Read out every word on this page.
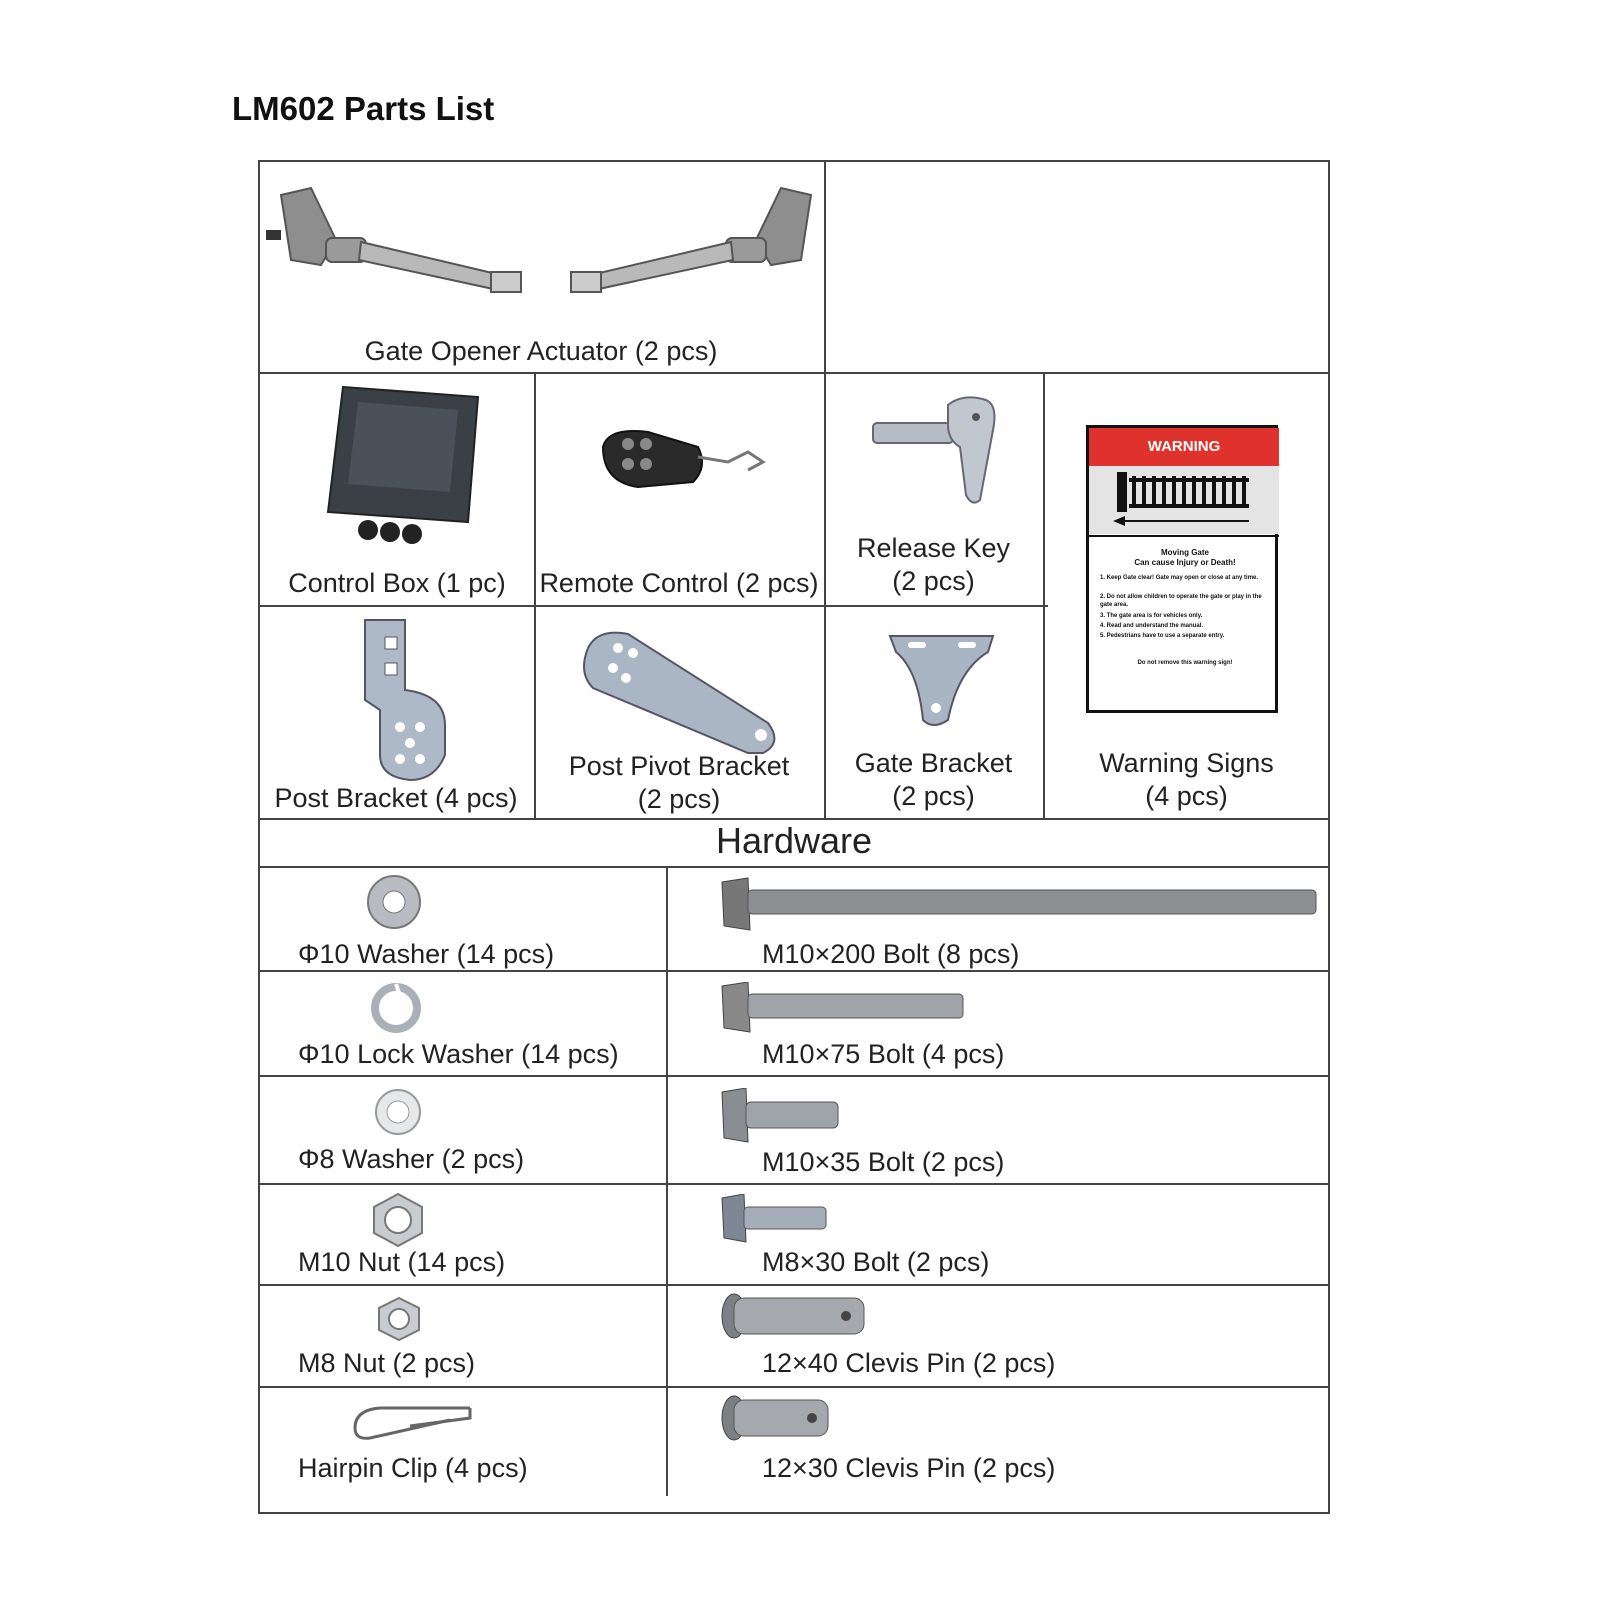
LM602 Parts List
Gate Opener Actuator (2 pcs)
Control Box (1 pc)	Remote Control (2 pcs)
Release Key
(2 pcs)
WARNING
Moving Gate
Can cause Injury or Death!
1. Keep Gate clear! Gate may open or close at any time.
2. Do not allow children to operate the gate or play in the gate area.
3. The gate area is for vehicles only.
4. Read and understand the manual.
5. Pedestrians have to use a separate entry.
Do not remove this warning sign!
Warning Signs
(4 pcs)
Post Bracket (4 pcs)
Post Pivot Bracket
(2 pcs)
Gate Bracket
(2 pcs)
Hardware
Φ10 Washer (14 pcs)
Φ10 Lock Washer (14 pcs)
Φ8 Washer (2 pcs)
M10 Nut (14 pcs)
M8 Nut (2 pcs)
Hairpin Clip (4 pcs)
M10×200 Bolt (8 pcs)
M10×75 Bolt (4 pcs)
M10×35 Bolt (2 pcs)
M8×30 Bolt (2 pcs)
12×40 Clevis Pin (2 pcs)
12×30 Clevis Pin (2 pcs)
